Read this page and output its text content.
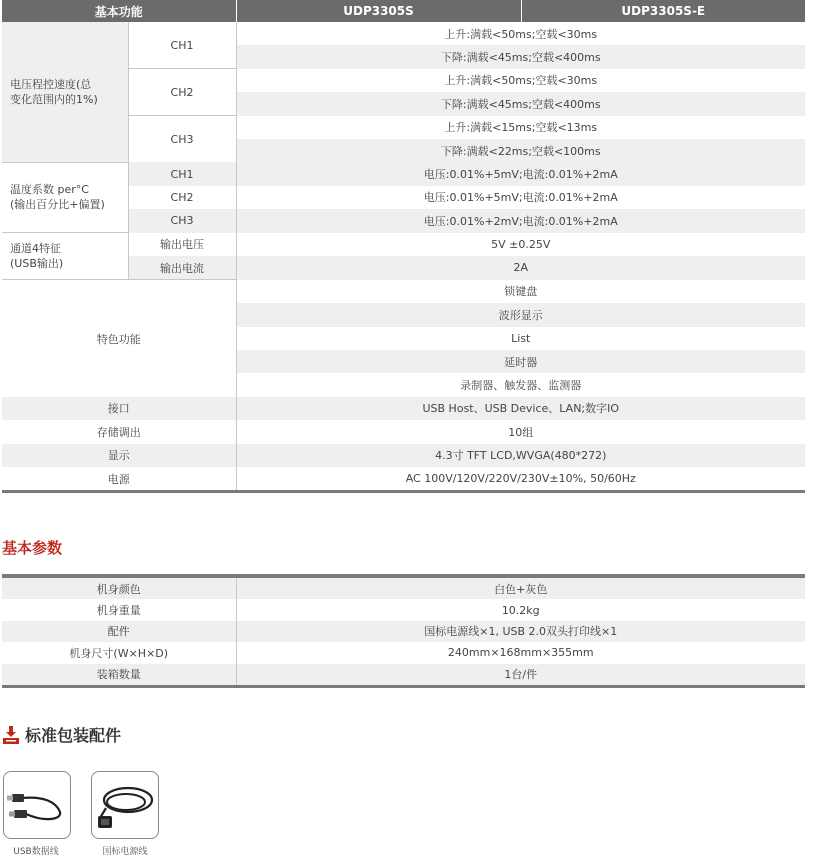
基本功能		UDP3305S	UDP3305S-E
电压程控速度(总
变化范围内的1%)	CH1	上升:满载<50ms;空载<30ms	
		下降:满载<45ms;空载<400ms	
	CH2	上升:满载<50ms;空载<30ms	
		下降:满载<45ms;空载<400ms	
	CH3	上升:满载<15ms;空载<13ms	
		下降:满载<22ms;空载<100ms	
温度系数 per°C
(输出百分比+偏置)	CH1	电压:0.01%+5mV;电流:0.01%+2mA	
	CH2	电压:0.01%+5mV;电流:0.01%+2mA	
	CH3	电压:0.01%+2mV;电流:0.01%+2mA	
通道4特征
(USB输出)	输出电压	5V ±0.25V	
	输出电流	2A	
特色功能		锁键盘	
		波形显示	
		List	
		延时器	
		录制器、触发器、监测器	
接口		USB Host、USB Device、LAN;数字IO	
存储调出		10组	
显示		4.3寸 TFT LCD,WVGA(480*272)	
电源		AC 100V/120V/220V/230V±10%, 50/60Hz	
基本参数
机身颜色	白色+灰色
机身重量	10.2kg
配件	国标电源线×1, USB 2.0双头打印线×1
机身尺寸(W×H×D)	240mm×168mm×355mm
装箱数量	1台/件
标准包装配件
USB数据线	国标电源线
